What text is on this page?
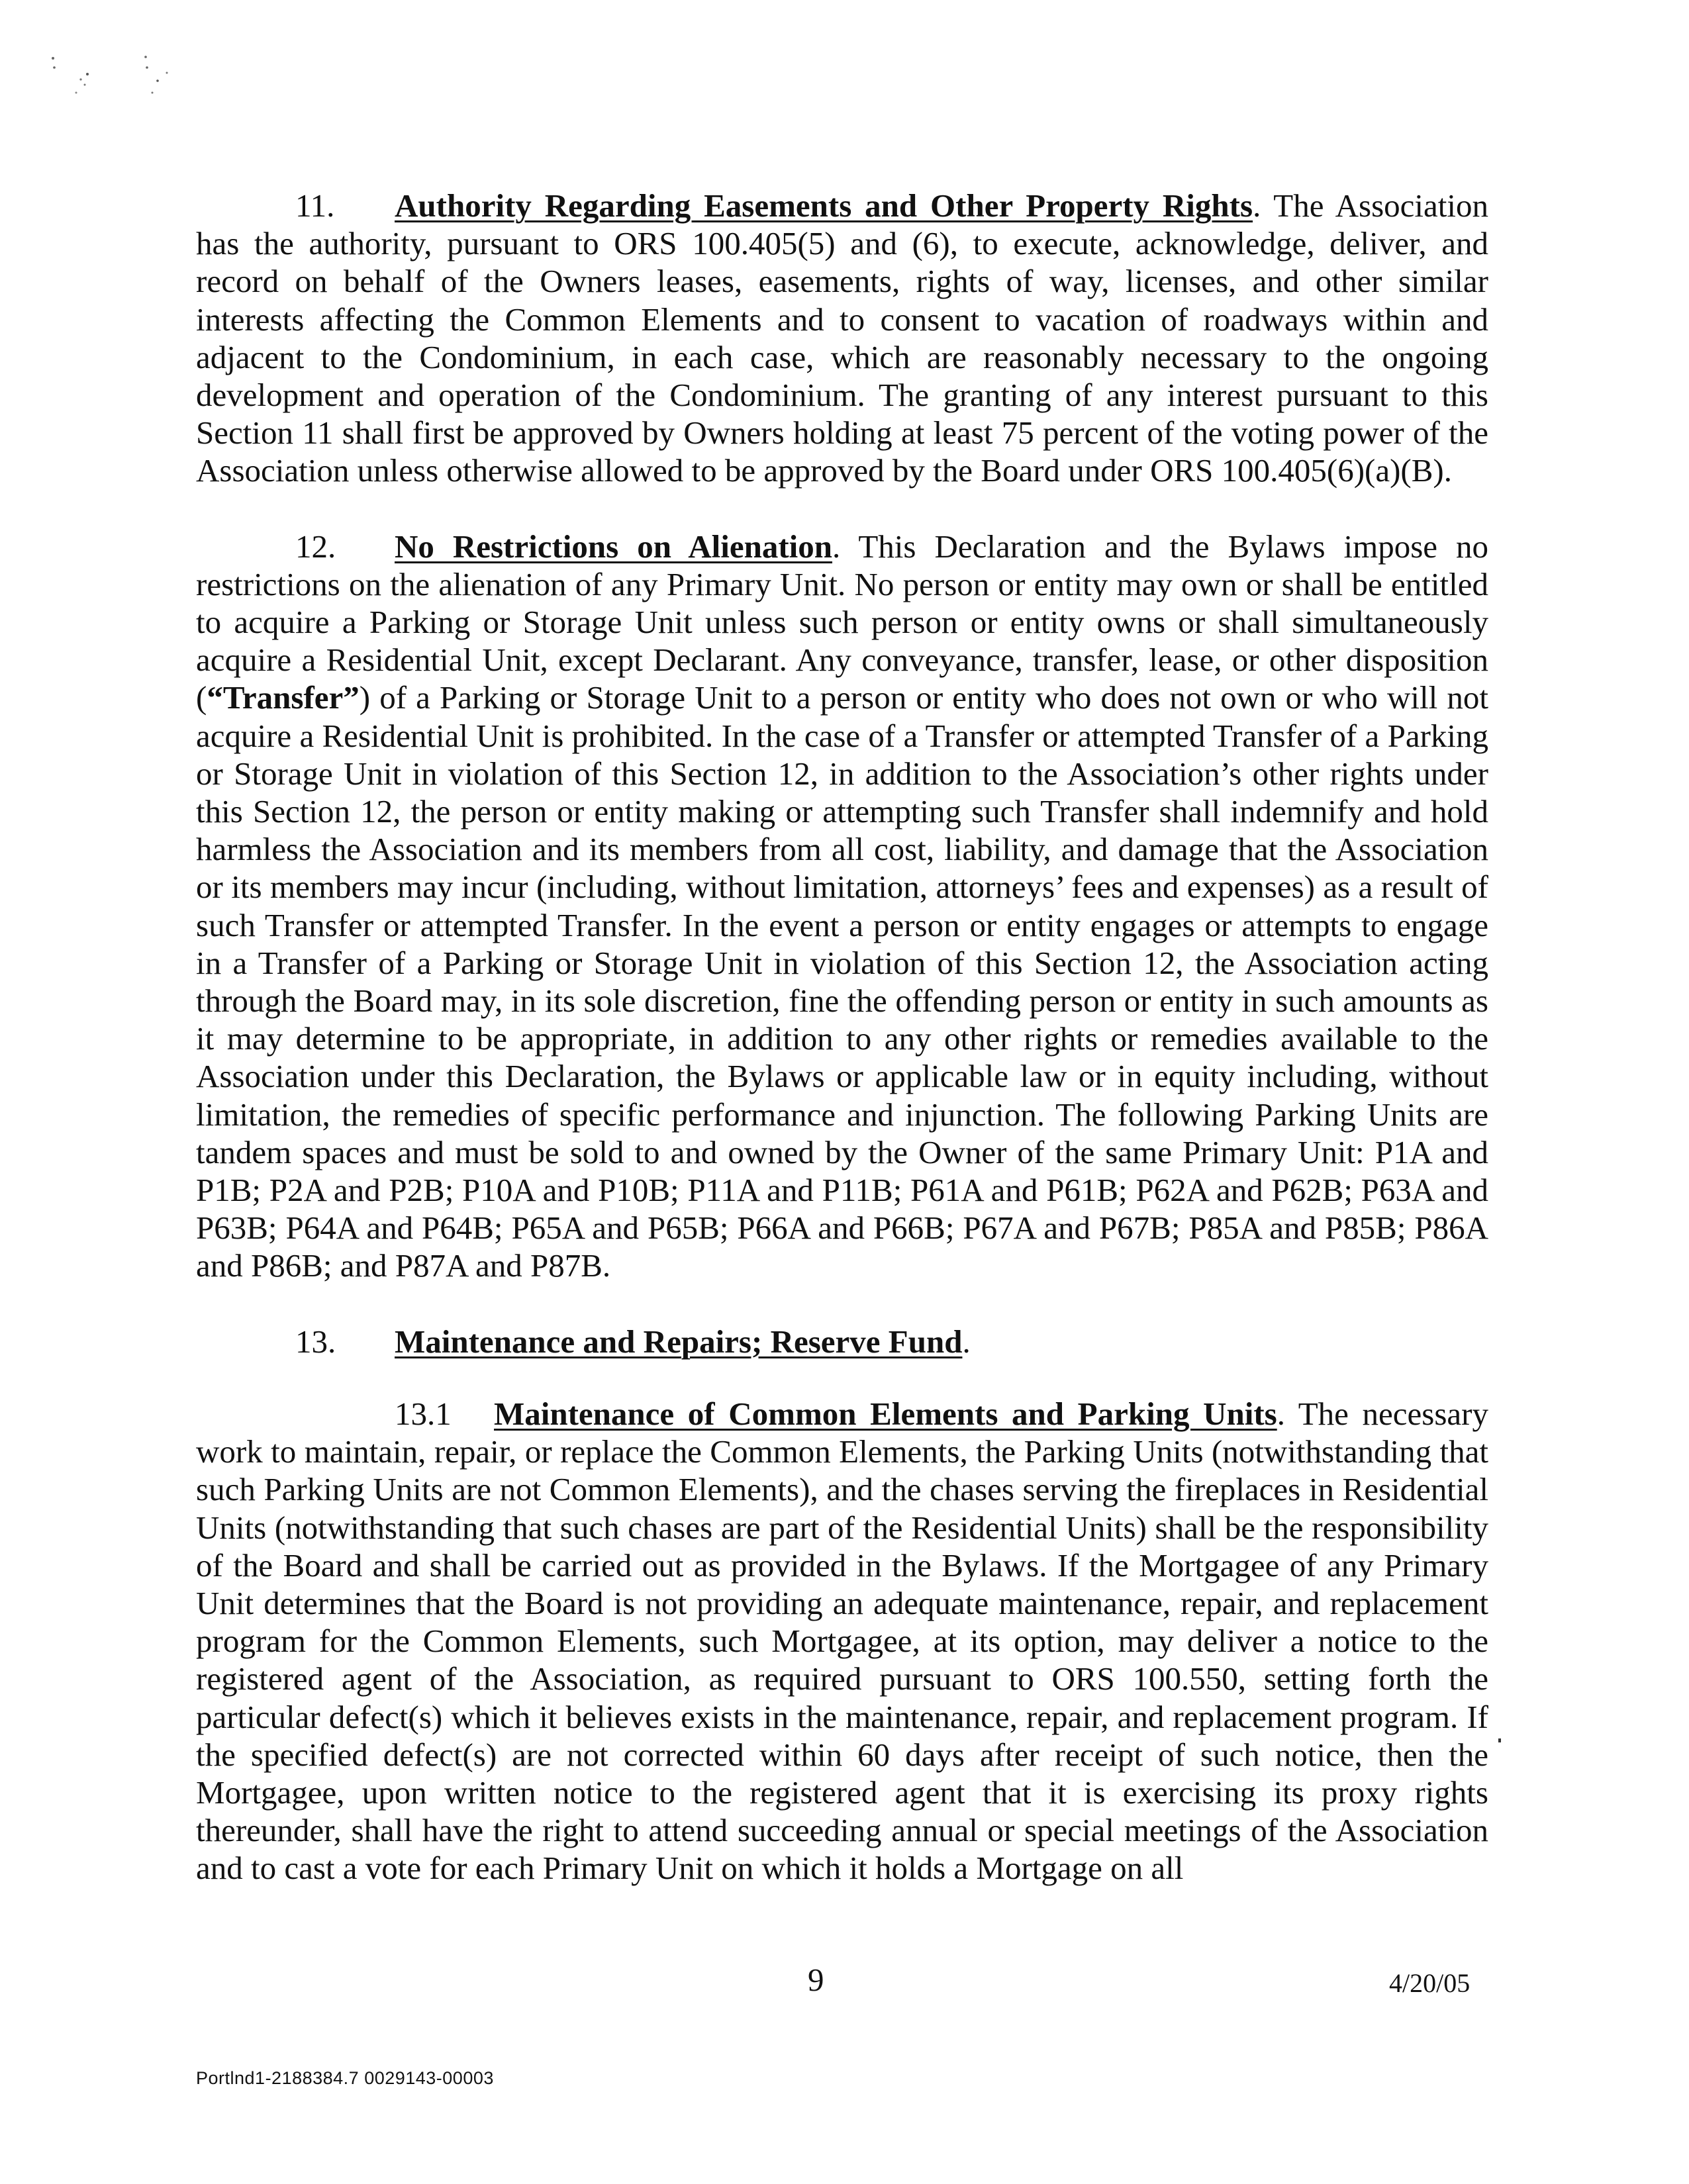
11. Authority Regarding Easements and Other Property Rights. The Association has the authority, pursuant to ORS 100.405(5) and (6), to execute, acknowledge, deliver, and record on behalf of the Owners leases, easements, rights of way, licenses, and other similar interests affecting the Common Elements and to consent to vacation of roadways within and adjacent to the Condominium, in each case, which are reasonably necessary to the ongoing development and operation of the Condominium. The granting of any interest pursuant to this Section 11 shall first be approved by Owners holding at least 75 percent of the voting power of the Association unless otherwise allowed to be approved by the Board under ORS 100.405(6)(a)(B).

12. No Restrictions on Alienation. This Declaration and the Bylaws impose no restrictions on the alienation of any Primary Unit. No person or entity may own or shall be entitled to acquire a Parking or Storage Unit unless such person or entity owns or shall simultaneously acquire a Residential Unit, except Declarant. Any conveyance, transfer, lease, or other disposition (“Transfer”) of a Parking or Storage Unit to a person or entity who does not own or who will not acquire a Residential Unit is prohibited. In the case of a Transfer or attempted Transfer of a Parking or Storage Unit in violation of this Section 12, in addition to the Association’s other rights under this Section 12, the person or entity making or attempting such Transfer shall indemnify and hold harmless the Association and its members from all cost, liability, and damage that the Association or its members may incur (including, without limitation, attorneys’ fees and expenses) as a result of such Transfer or attempted Transfer. In the event a person or entity engages or attempts to engage in a Transfer of a Parking or Storage Unit in violation of this Section 12, the Association acting through the Board may, in its sole discretion, fine the offending person or entity in such amounts as it may determine to be appropriate, in addition to any other rights or remedies available to the Association under this Declaration, the Bylaws or applicable law or in equity including, without limitation, the remedies of specific performance and injunction. The following Parking Units are tandem spaces and must be sold to and owned by the Owner of the same Primary Unit: P1A and P1B; P2A and P2B; P10A and P10B; P11A and P11B; P61A and P61B; P62A and P62B; P63A and P63B; P64A and P64B; P65A and P65B; P66A and P66B; P67A and P67B; P85A and P85B; P86A and P86B; and P87A and P87B.

13. Maintenance and Repairs; Reserve Fund.

13.1 Maintenance of Common Elements and Parking Units. The necessary work to maintain, repair, or replace the Common Elements, the Parking Units (notwithstanding that such Parking Units are not Common Elements), and the chases serving the fireplaces in Residential Units (notwithstanding that such chases are part of the Residential Units) shall be the responsibility of the Board and shall be carried out as provided in the Bylaws. If the Mortgagee of any Primary Unit determines that the Board is not providing an adequate maintenance, repair, and replacement program for the Common Elements, such Mortgagee, at its option, may deliver a notice to the registered agent of the Association, as required pursuant to ORS 100.550, setting forth the particular defect(s) which it believes exists in the maintenance, repair, and replacement program. If the specified defect(s) are not corrected within 60 days after receipt of such notice, then the Mortgagee, upon written notice to the registered agent that it is exercising its proxy rights thereunder, shall have the right to attend succeeding annual or special meetings of the Association and to cast a vote for each Primary Unit on which it holds a Mortgage on all

9	4/20/05
Portlnd1-2188384.7 0029143-00003
